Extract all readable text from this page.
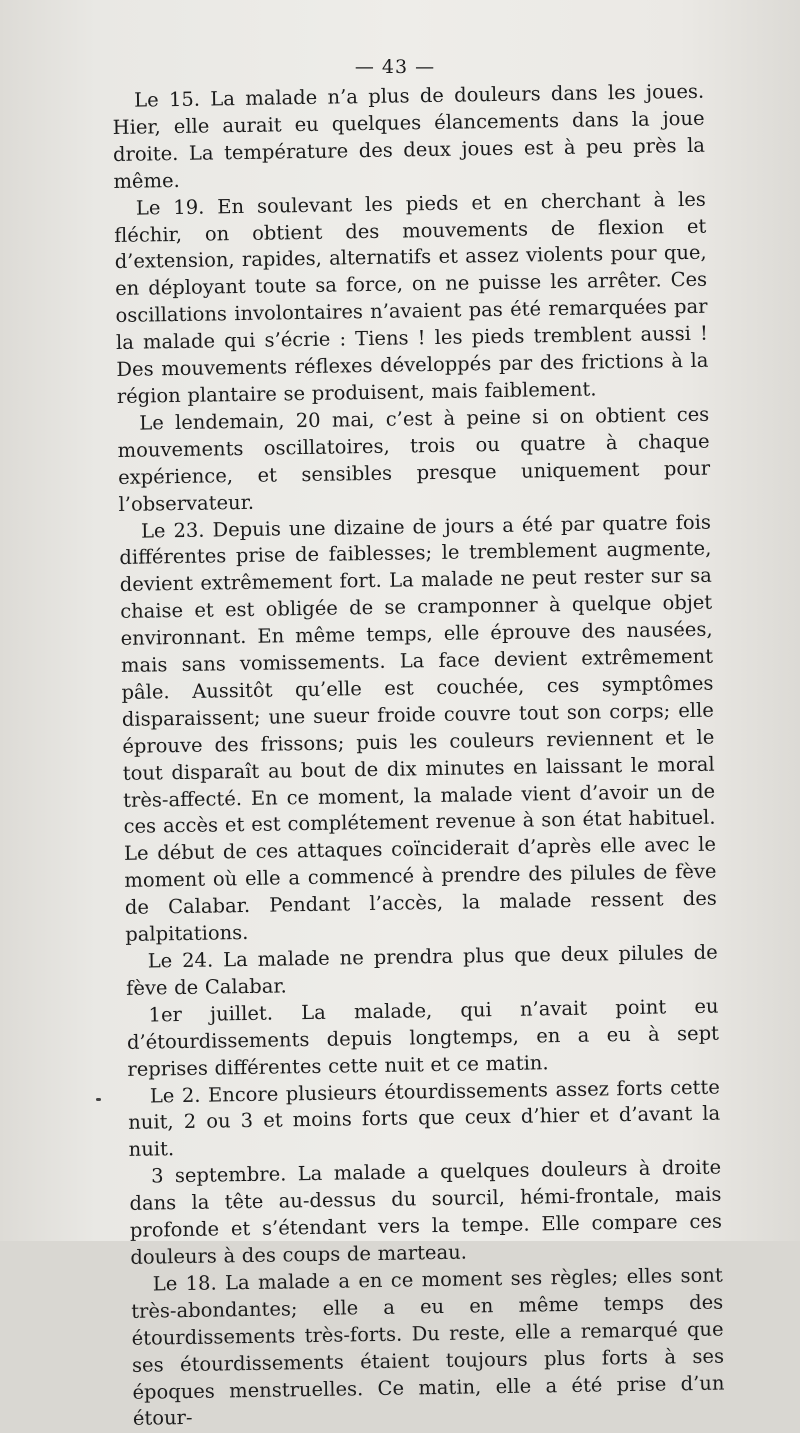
— 43 —

Le 15. La malade n’a plus de douleurs dans les joues. Hier, elle aurait eu quelques élancements dans la joue droite. La température des deux joues est à peu près la même.

Le 19. En soulevant les pieds et en cherchant à les fléchir, on obtient des mouvements de flexion et d’extension, rapides, alternatifs et assez violents pour que, en déployant toute sa force, on ne puisse les arrêter. Ces oscillations involontaires n’avaient pas été remarquées par la malade qui s’écrie : Tiens ! les pieds tremblent aussi ! Des mouvements réflexes développés par des frictions à la région plantaire se produisent, mais faiblement.

Le lendemain, 20 mai, c’est à peine si on obtient ces mouvements oscillatoires, trois ou quatre à chaque expérience, et sensibles presque uniquement pour l’observateur.

Le 23. Depuis une dizaine de jours a été par quatre fois différentes prise de faiblesses; le tremblement augmente, devient extrêmement fort. La malade ne peut rester sur sa chaise et est obligée de se cramponner à quelque objet environnant. En même temps, elle éprouve des nausées, mais sans vomissements. La face devient extrêmement pâle. Aussitôt qu’elle est couchée, ces symptômes disparaissent; une sueur froide couvre tout son corps; elle éprouve des frissons; puis les couleurs reviennent et le tout disparaît au bout de dix minutes en laissant le moral très-affecté. En ce moment, la malade vient d’avoir un de ces accès et est complétement revenue à son état habituel. Le début de ces attaques coïnciderait d’après elle avec le moment où elle a commencé à prendre des pilules de fève de Calabar. Pendant l’accès, la malade ressent des palpitations.

Le 24. La malade ne prendra plus que deux pilules de fève de Calabar.

1er juillet. La malade, qui n’avait point eu d’étourdissements depuis longtemps, en a eu à sept reprises différentes cette nuit et ce matin.

Le 2. Encore plusieurs étourdissements assez forts cette nuit, 2 ou 3 et moins forts que ceux d’hier et d’avant la nuit.

3 septembre. La malade a quelques douleurs à droite dans la tête au-dessus du sourcil, hémi-frontale, mais profonde et s’étendant vers la tempe. Elle compare ces douleurs à des coups de marteau.

Le 18. La malade a en ce moment ses règles; elles sont très-abondantes; elle a eu en même temps des étourdissements très-forts. Du reste, elle a remarqué que ses étourdissements étaient toujours plus forts à ses époques menstruelles. Ce matin, elle a été prise d’un étour-
